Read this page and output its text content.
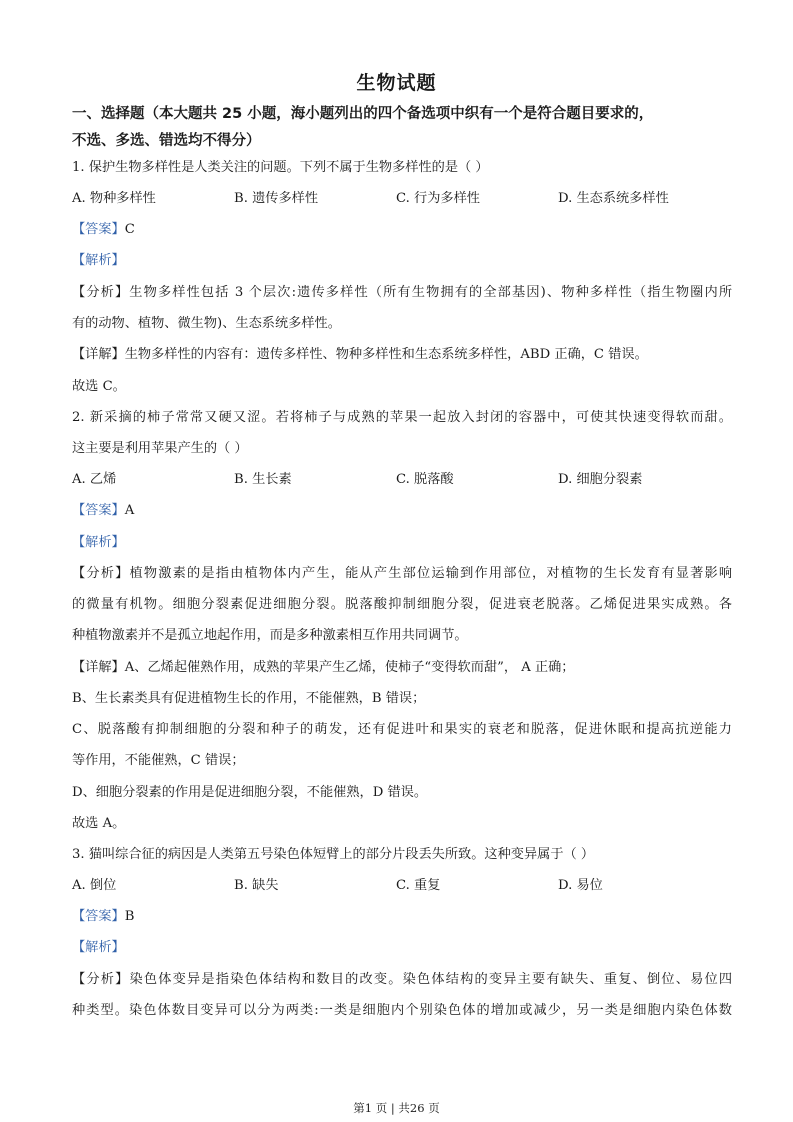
生物试题
一、选择题（本大题共 25 小题，海小题列出的四个备选项中织有一个是符合题目要求的，
不选、多选、错选均不得分）
1. 保护生物多样性是人类关注的问题。下列不属于生物多样性的是（ ）
A. 物种多样性	B. 遗传多样性	C. 行为多样性	D. 生态系统多样性
【答案】C
【解析】
【分析】生物多样性包括 3 个层次:遗传多样性（所有生物拥有的全部基因)、物种多样性（指生物圈内所
有的动物、植物、微生物)、生态系统多样性。
【详解】生物多样性的内容有：遗传多样性、物种多样性和生态系统多样性，ABD 正确，C 错误。
故选 C。
2. 新采摘的柿子常常又硬又涩。若将柿子与成熟的苹果一起放入封闭的容器中，可使其快速变得软而甜。
这主要是利用苹果产生的（ ）
A. 乙烯	B. 生长素	C. 脱落酸	D. 细胞分裂素
【答案】A
【解析】
【分析】植物激素的是指由植物体内产生，能从产生部位运输到作用部位，对植物的生长发育有显著影响
的微量有机物。细胞分裂素促进细胞分裂。脱落酸抑制细胞分裂，促进衰老脱落。乙烯促进果实成熟。各
种植物激素并不是孤立地起作用，而是多种激素相互作用共同调节。
【详解】A、乙烯起催熟作用，成熟的苹果产生乙烯，使柿子“变得软而甜”， A 正确；
B、生长素类具有促进植物生长的作用，不能催熟，B 错误；
C、脱落酸有抑制细胞的分裂和种子的萌发，还有促进叶和果实的衰老和脱落，促进休眠和提高抗逆能力
等作用，不能催熟，C 错误；
D、细胞分裂素的作用是促进细胞分裂，不能催熟，D 错误。
故选 A。
3. 猫叫综合征的病因是人类第五号染色体短臂上的部分片段丢失所致。这种变异属于（ ）
A. 倒位	B. 缺失	C. 重复	D. 易位
【答案】B
【解析】
【分析】染色体变异是指染色体结构和数目的改变。染色体结构的变异主要有缺失、重复、倒位、易位四
种类型。染色体数目变异可以分为两类:一类是细胞内个别染色体的增加或减少，另一类是细胞内染色体数
第1 页 | 共26 页
